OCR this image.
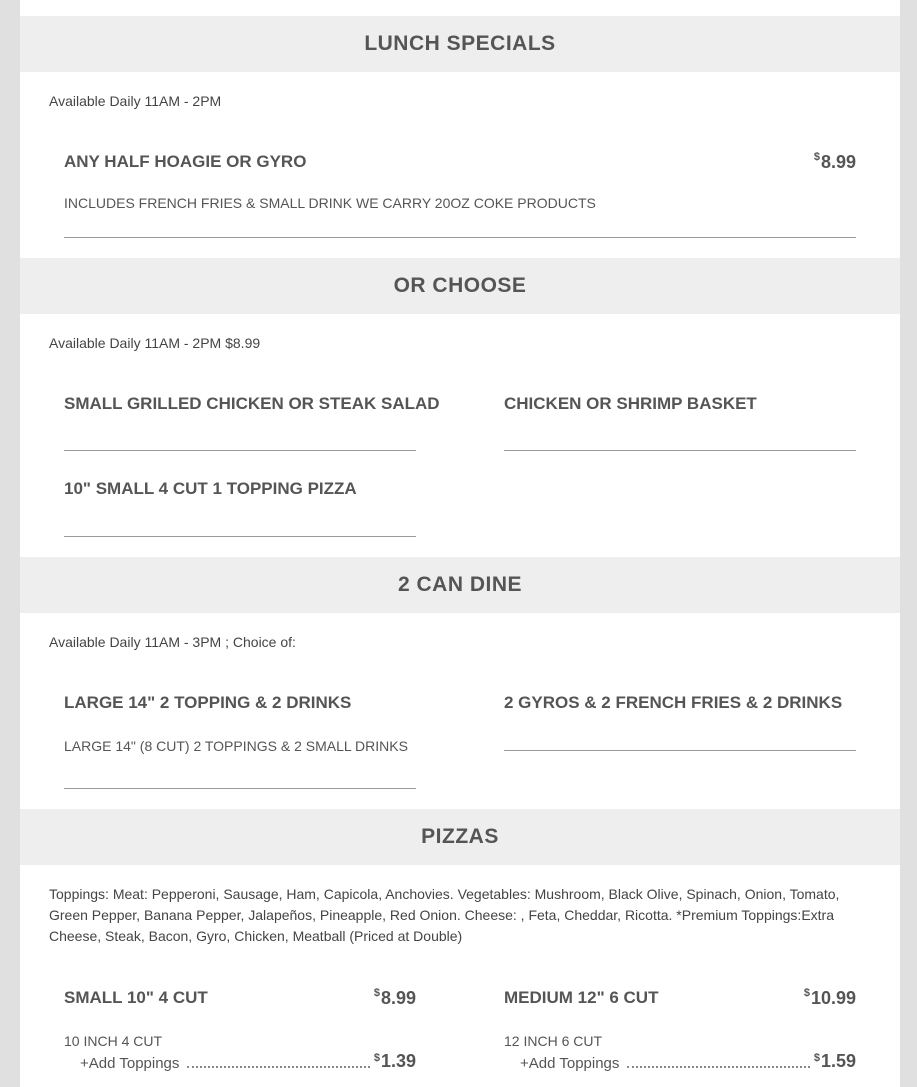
LUNCH SPECIALS
Available Daily 11AM - 2PM
ANY HALF HOAGIE OR GYRO	$8.99
INCLUDES FRENCH FRIES & SMALL DRINK WE CARRY 20OZ COKE PRODUCTS
OR CHOOSE
Available Daily 11AM - 2PM $8.99
SMALL GRILLED CHICKEN OR STEAK SALAD	CHICKEN OR SHRIMP BASKET
10" SMALL 4 CUT 1 TOPPING PIZZA
2 CAN DINE
Available Daily 11AM - 3PM ; Choice of:
LARGE 14" 2 TOPPING & 2 DRINKS
LARGE 14" (8 CUT) 2 TOPPINGS & 2 SMALL DRINKS
2 GYROS & 2 FRENCH FRIES & 2 DRINKS
PIZZAS
Toppings: Meat: Pepperoni, Sausage, Ham, Capicola, Anchovies. Vegetables: Mushroom, Black Olive, Spinach, Onion, Tomato, Green Pepper, Banana Pepper, Jalapeños, Pineapple, Red Onion. Cheese: , Feta, Cheddar, Ricotta. *Premium Toppings:Extra Cheese, Steak, Bacon, Gyro, Chicken, Meatball (Priced at Double)
SMALL 10" 4 CUT	$8.99
10 INCH 4 CUT
+Add Toppings	$1.39
MEDIUM 12" 6 CUT	$10.99
12 INCH 6 CUT
+Add Toppings	$1.59
